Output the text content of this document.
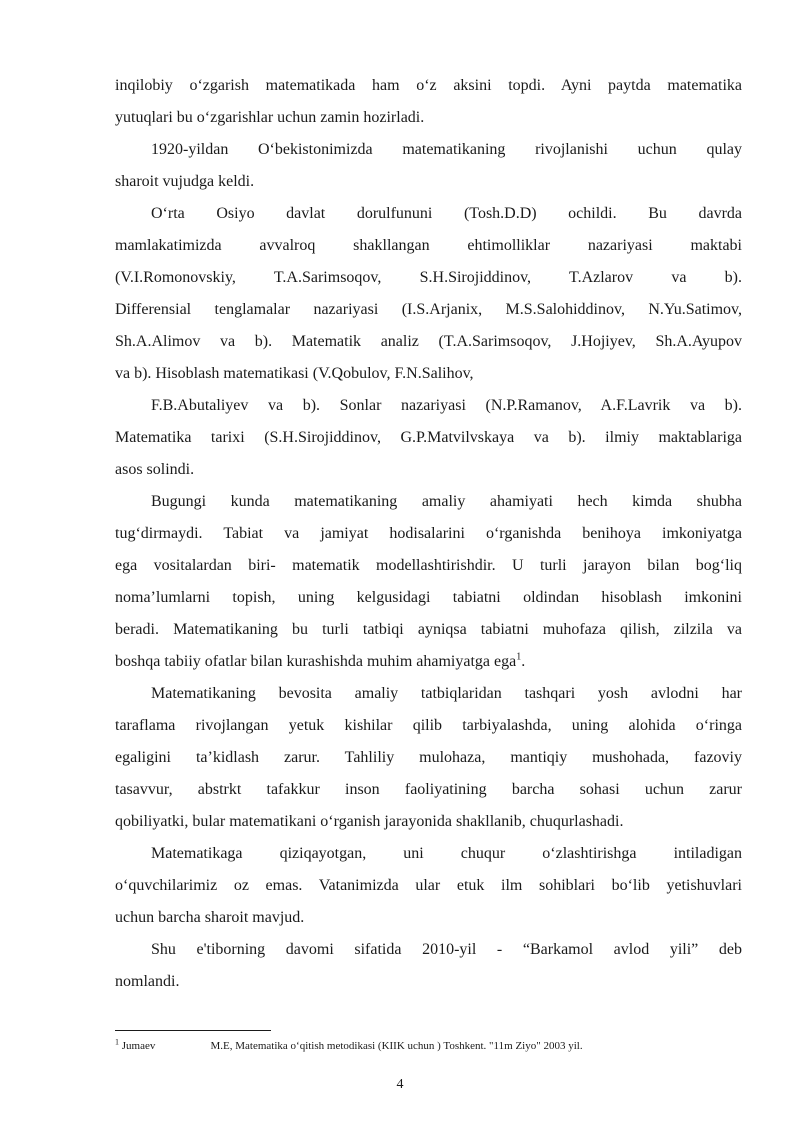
inqilobiy o‘zgarish matematikada ham o‘z aksini topdi. Ayni paytda matematika
yutuqlari bu o‘zgarishlar uchun zamin hozirladi.

1920-yildan O‘bekistonimizda matematikaning rivojlanishi uchun qulay
sharoit vujudga keldi.

O‘rta Osiyo davlat dorulfununi (Tosh.D.D) ochildi. Bu davrda
mamlakatimizda avvalroq shakllangan ehtimolliklar nazariyasi maktabi
(V.I.Romonovskiy, T.A.Sarimsoqov, S.H.Sirojiddinov, T.Azlarov va b).
Differensial tenglamalar nazariyasi (I.S.Arjanix, M.S.Salohiddinov, N.Yu.Satimov,
Sh.A.Alimov va b). Matematik analiz (T.A.Sarimsoqov, J.Hojiyev, Sh.A.Ayupov
va b). Hisoblash matematikasi (V.Qobulov, F.N.Salihov,

F.B.Abutaliyev va b). Sonlar nazariyasi (N.P.Ramanov, A.F.Lavrik va b).
Matematika tarixi (S.H.Sirojiddinov, G.P.Matvilvskaya va b). ilmiy maktablariga
asos solindi.

Bugungi kunda matematikaning amaliy ahamiyati hech kimda shubha
tug‘dirmaydi. Tabiat va jamiyat hodisalarini o‘rganishda benihoya imkoniyatga
ega vositalardan biri- matematik modellashtirishdir. U turli jarayon bilan bog‘liq
noma’lumlarni topish, uning kelgusidagi tabiatni oldindan hisoblash imkonini
beradi. Matematikaning bu turli tatbiqi ayniqsa tabiatni muhofaza qilish, zilzila va
boshqa tabiiy ofatlar bilan kurashishda muhim ahamiyatga ega$^1$.

Matematikaning bevosita amaliy tatbiqlaridan tashqari yosh avlodni har
taraflama rivojlangan yetuk kishilar qilib tarbiyalashda, uning alohida o‘ringa
egaligini ta’kidlash zarur. Tahliliy mulohaza, mantiqiy mushohada, fazoviy
tasavvur, abstrkt tafakkur inson faoliyatining barcha sohasi uchun zarur
qobiliyatki, bular matematikani o‘rganish jarayonida shakllanib, chuqurlashadi.

Matematikaga qiziqayotgan, uni chuqur o‘zlashtirishga intiladigan
o‘quvchilarimiz oz emas. Vatanimizda ular etuk ilm sohiblari bo‘lib yetishuvlari
uchun barcha sharoit mavjud.

Shu e'tiborning davomi sifatida 2010-yil - “Barkamol avlod yili” deb
nomlandi.

$^1$ Jumaev	M.E, Matematika o‘qitish metodikasi (KIIK uchun ) Toshkent. "11m Ziyo" 2003 yil.
4
